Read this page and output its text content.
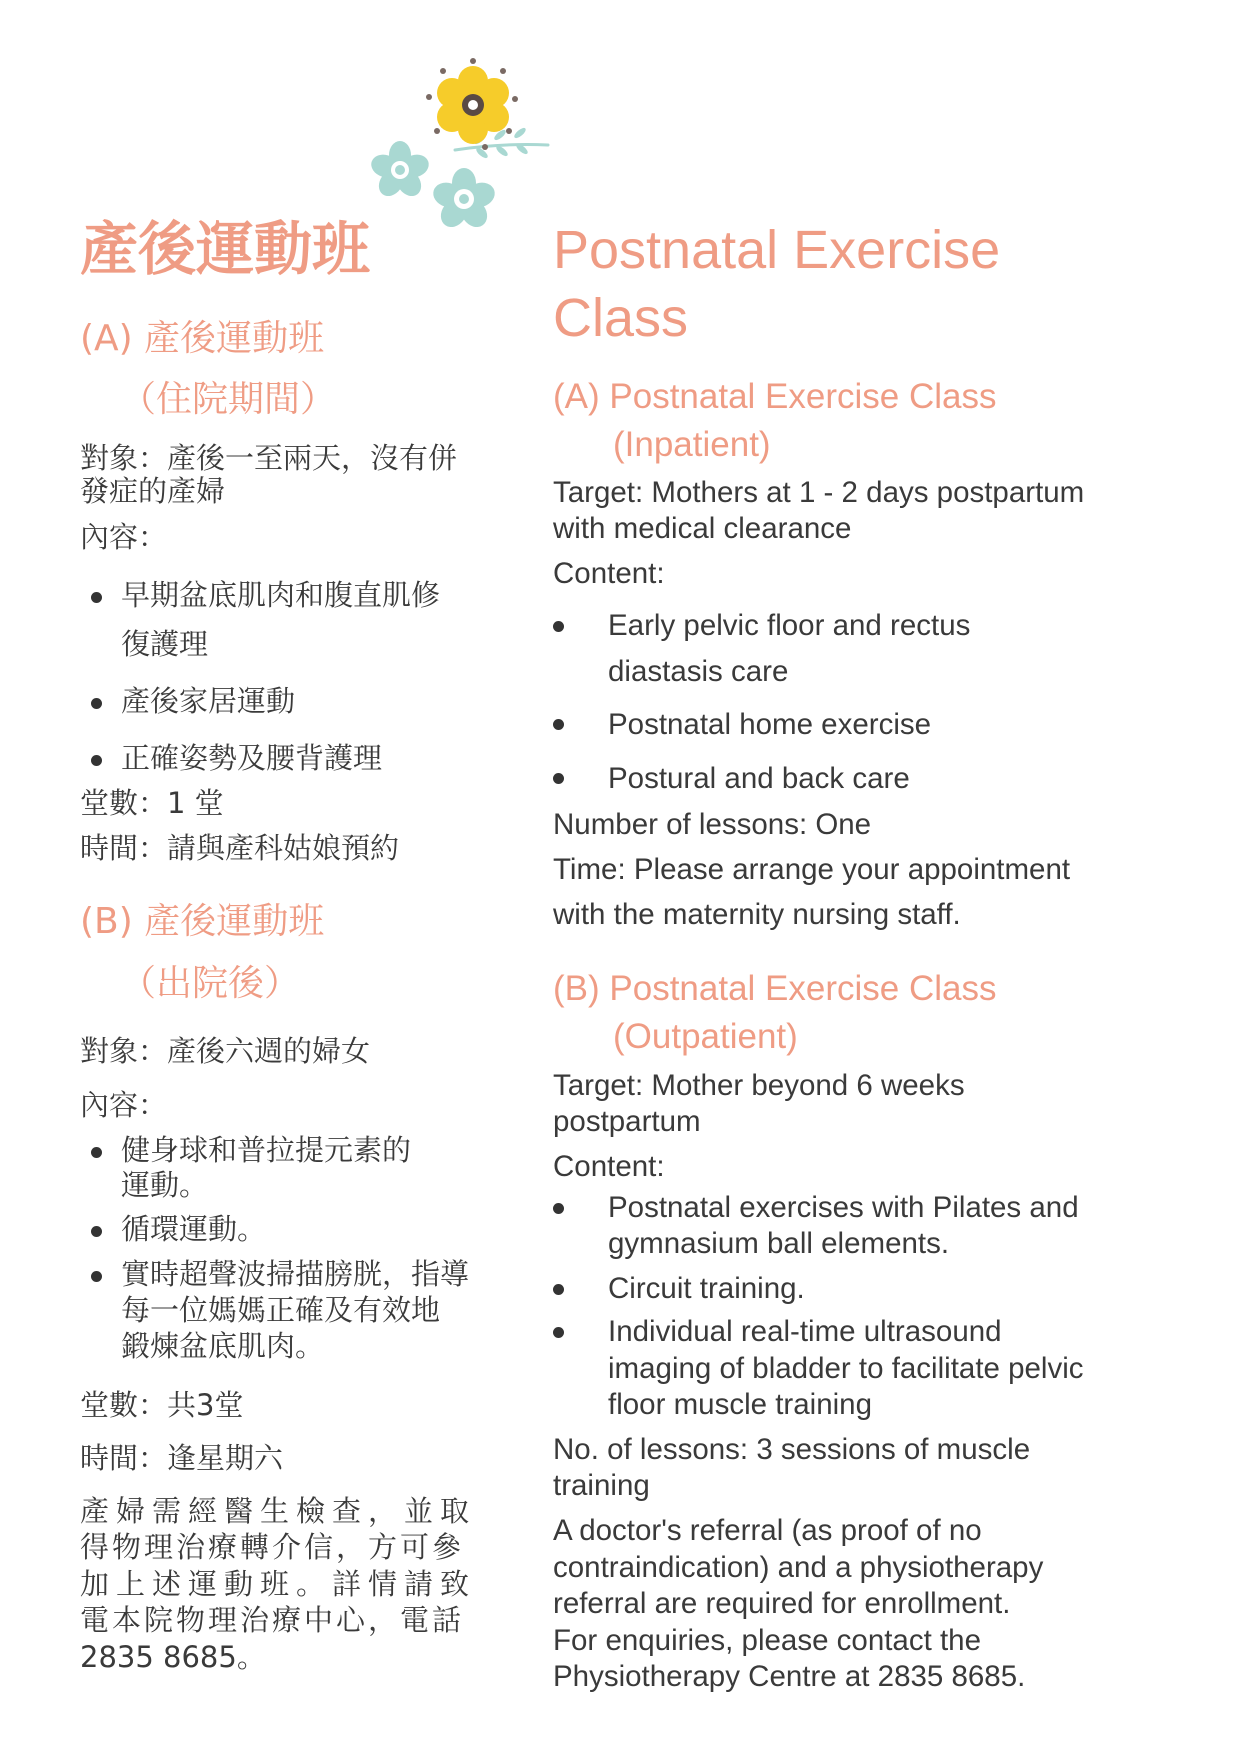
產後運動班
(A) 產後運動班
（住院期間）
對象：產後一至兩天，沒有併
發症的產婦
內容：
早期盆底肌肉和腹直肌修
復護理
產後家居運動
正確姿勢及腰背護理
堂數：1 堂
時間：請與產科姑娘預約
(B) 產後運動班
（出院後）
對象：產後六週的婦女
內容：
健身球和普拉提元素的
運動。
循環運動。
實時超聲波掃描膀胱，指導
每一位媽媽正確及有效地
鍛煉盆底肌肉。
堂數：共3堂
時間：逢星期六
產婦需經醫生檢查，並取
得物理治療轉介信，方可參
加上述運動班。詳情請致
電本院物理治療中心，電話
2835 8685。
Postnatal Exercise
Class
(A) Postnatal Exercise Class
(Inpatient)
Target: Mothers at 1 - 2 days postpartum
with medical clearance
Content:
Early pelvic floor and rectus
diastasis care
Postnatal home exercise
Postural and back care
Number of lessons: One
Time: Please arrange your appointment
with the maternity nursing staff.
(B) Postnatal Exercise Class
(Outpatient)
Target: Mother beyond 6 weeks
postpartum
Content:
Postnatal exercises with Pilates and
gymnasium ball elements.
Circuit training.
Individual real-time ultrasound
imaging of bladder to facilitate pelvic
floor muscle training
No. of lessons: 3 sessions of muscle
training
A doctor's referral (as proof of no
contraindication) and a physiotherapy
referral are required for enrollment.
For enquiries, please contact the
Physiotherapy Centre at 2835 8685.
